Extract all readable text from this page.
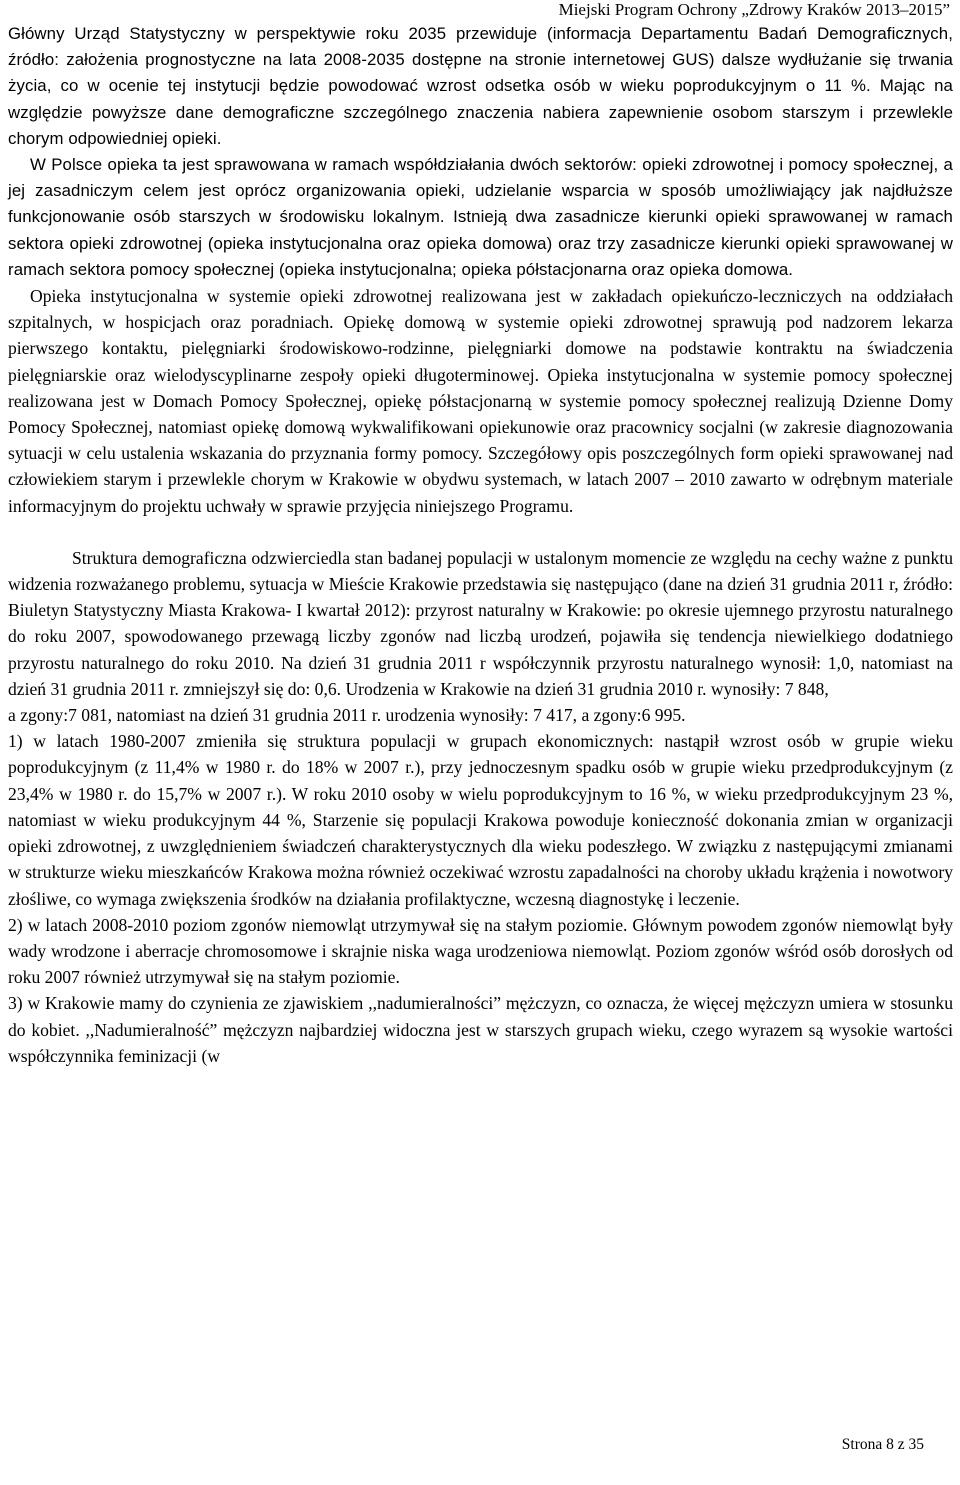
Miejski Program Ochrony „Zdrowy Kraków 2013–2015”

Główny Urząd Statystyczny w perspektywie roku 2035 przewiduje (informacja Departamentu Badań Demograficznych, źródło: założenia prognostyczne na lata 2008-2035 dostępne na stronie internetowej GUS) dalsze wydłużanie się trwania życia, co w ocenie tej instytucji będzie powodować wzrost odsetka osób w wieku poprodukcyjnym o 11 %. Mając na względzie powyższe dane demograficzne szczególnego znaczenia nabiera zapewnienie osobom starszym i przewlekle chorym odpowiedniej opieki.

W Polsce opieka ta jest sprawowana w ramach współdziałania dwóch sektorów: opieki zdrowotnej i pomocy społecznej, a jej zasadniczym celem jest oprócz organizowania opieki, udzielanie wsparcia w sposób umożliwiający jak najdłuższe funkcjonowanie osób starszych w środowisku lokalnym. Istnieją dwa zasadnicze kierunki opieki sprawowanej w ramach sektora opieki zdrowotnej (opieka instytucjonalna oraz opieka domowa) oraz trzy zasadnicze kierunki opieki sprawowanej w ramach sektora pomocy społecznej (opieka instytucjonalna; opieka półstacjonarna oraz opieka domowa.

Opieka instytucjonalna w systemie opieki zdrowotnej realizowana jest w zakładach opiekuńczo-leczniczych na oddziałach szpitalnych, w hospicjach oraz poradniach. Opiekę domową w systemie opieki zdrowotnej sprawują pod nadzorem lekarza pierwszego kontaktu, pielęgniarki środowiskowo-rodzinne, pielęgniarki domowe na podstawie kontraktu na świadczenia pielęgniarskie oraz wielodyscyplinarne zespoły opieki długoterminowej. Opieka instytucjonalna w systemie pomocy społecznej realizowana jest w Domach Pomocy Społecznej, opiekę półstacjonarną w systemie pomocy społecznej realizują Dzienne Domy Pomocy Społecznej, natomiast opiekę domową wykwalifikowani opiekunowie oraz pracownicy socjalni (w zakresie diagnozowania sytuacji w celu ustalenia wskazania do przyznania formy pomocy. Szczegółowy opis poszczególnych form opieki sprawowanej nad człowiekiem starym i przewlekle chorym w Krakowie w obydwu systemach, w latach 2007 – 2010 zawarto w odrębnym materiale informacyjnym do projektu uchwały w sprawie przyjęcia niniejszego Programu.

Struktura demograficzna odzwierciedla stan badanej populacji w ustalonym momencie ze względu na cechy ważne z punktu widzenia rozważanego problemu, sytuacja w Mieście Krakowie przedstawia się następująco (dane na dzień 31 grudnia 2011 r, źródło: Biuletyn Statystyczny Miasta Krakowa- I kwartał 2012): przyrost naturalny w Krakowie: po okresie ujemnego przyrostu naturalnego do roku 2007, spowodowanego przewagą liczby zgonów nad liczbą urodzeń, pojawiła się tendencja niewielkiego dodatniego przyrostu naturalnego do roku 2010. Na dzień 31 grudnia 2011 r współczynnik przyrostu naturalnego wynosił: 1,0, natomiast na dzień 31 grudnia 2011 r. zmniejszył się do: 0,6. Urodzenia w Krakowie na dzień 31 grudnia 2010 r. wynosiły: 7 848,

a zgony:7 081, natomiast na dzień 31 grudnia 2011 r. urodzenia wynosiły: 7 417, a zgony:6 995.

1) w latach 1980-2007 zmieniła się struktura populacji w grupach ekonomicznych: nastąpił wzrost osób w grupie wieku poprodukcyjnym (z 11,4% w 1980 r. do 18% w 2007 r.), przy jednoczesnym spadku osób w grupie wieku przedprodukcyjnym (z 23,4% w 1980 r. do 15,7% w 2007 r.). W roku 2010 osoby w wielu poprodukcyjnym to 16 %, w wieku przedprodukcyjnym 23 %, natomiast w wieku produkcyjnym 44 %, Starzenie się populacji Krakowa powoduje konieczność dokonania zmian w organizacji opieki zdrowotnej, z uwzględnieniem świadczeń charakterystycznych dla wieku podeszłego. W związku z następującymi zmianami w strukturze wieku mieszkańców Krakowa można również oczekiwać wzrostu zapadalności na choroby układu krążenia i nowotwory złośliwe, co wymaga zwiększenia środków na działania profilaktyczne, wczesną diagnostykę i leczenie.

2) w latach 2008-2010 poziom zgonów niemowląt utrzymywał się na stałym poziomie. Głównym powodem zgonów niemowląt były wady wrodzone i aberracje chromosomowe i skrajnie niska waga urodzeniowa niemowląt. Poziom zgonów wśród osób dorosłych od roku 2007 również utrzymywał się na stałym poziomie.

3) w Krakowie mamy do czynienia ze zjawiskiem ,,nadumieralności” mężczyzn, co oznacza, że więcej mężczyzn umiera w stosunku do kobiet. ,,Nadumieralność” mężczyzn najbardziej widoczna jest w starszych grupach wieku, czego wyrazem są wysokie wartości współczynnika feminizacji (w

Strona 8 z 35
